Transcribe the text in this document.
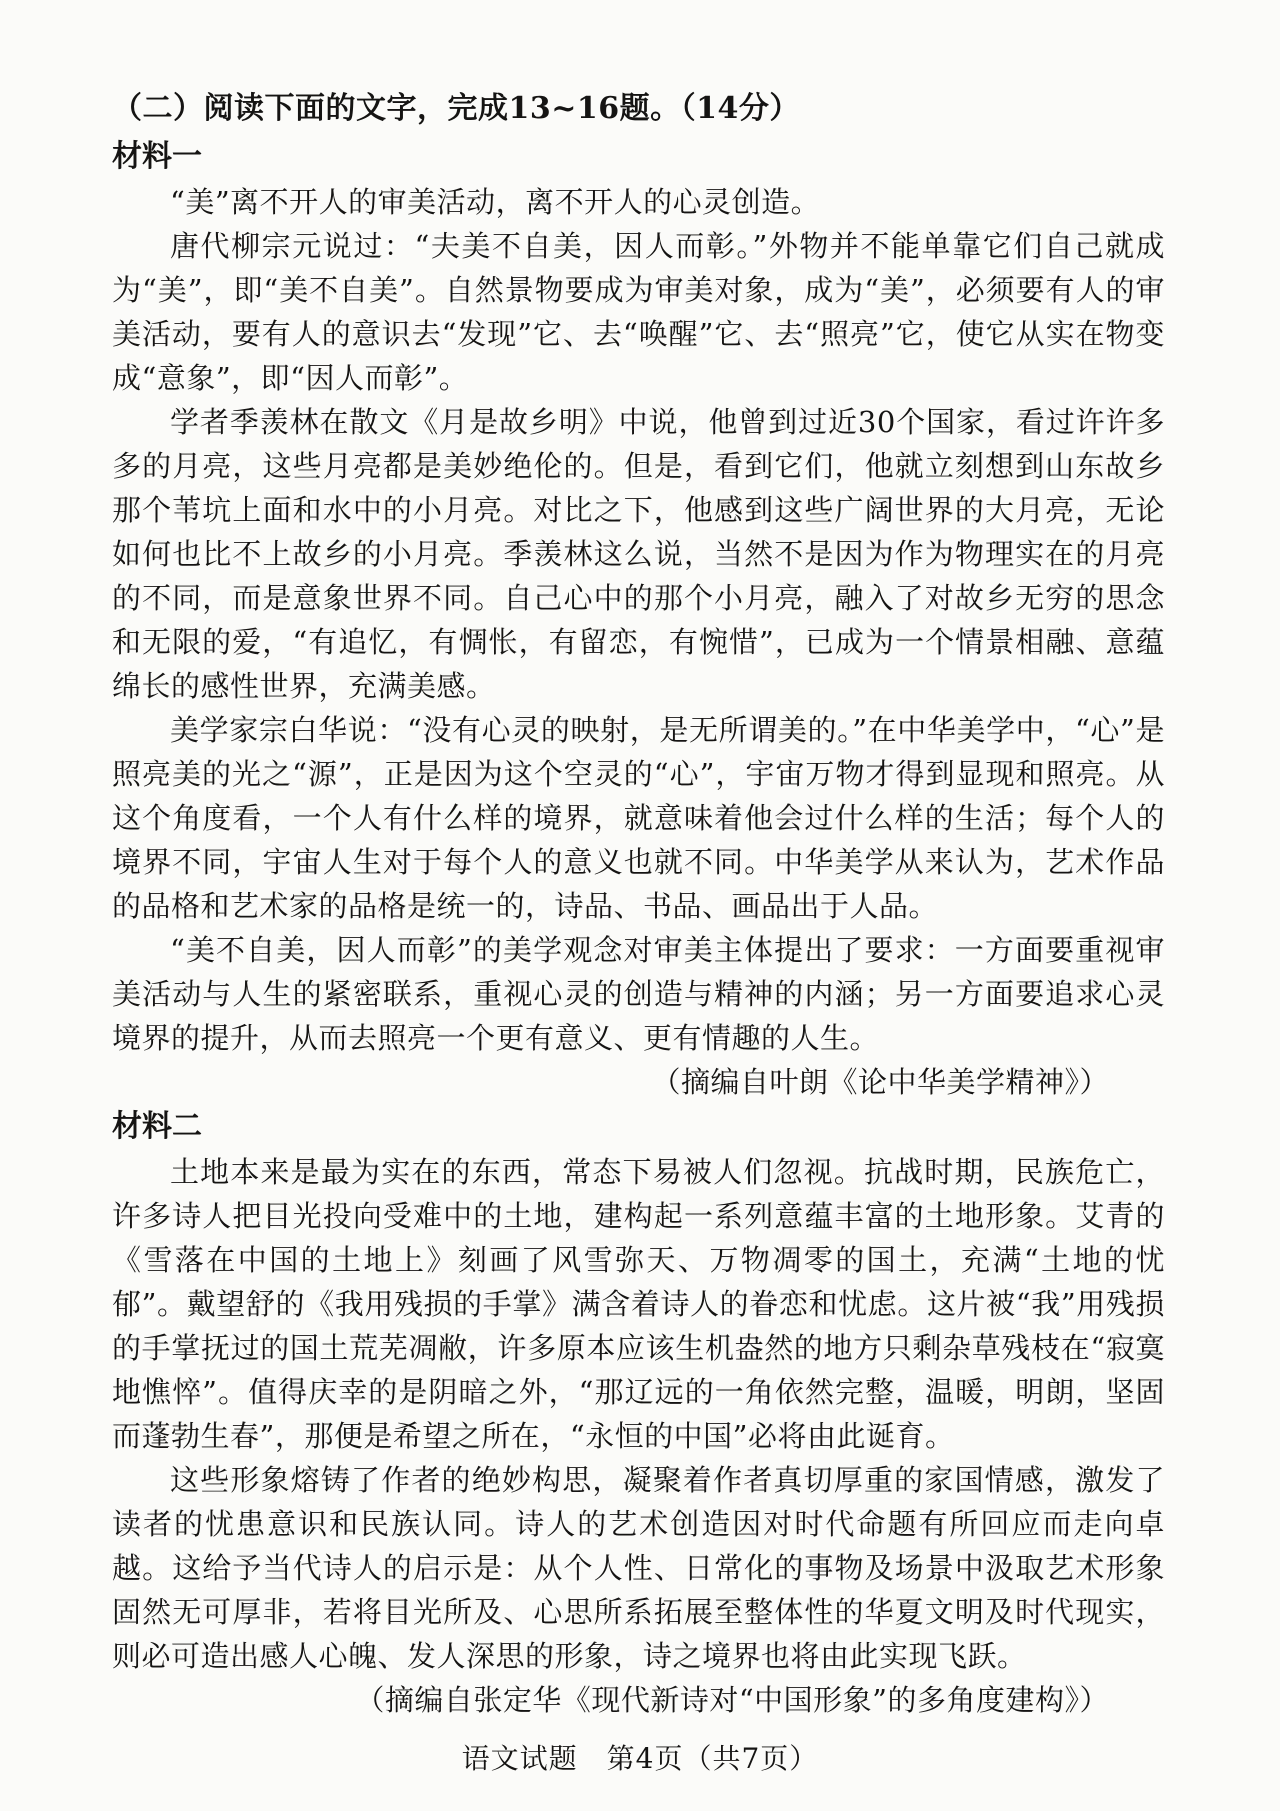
（二）阅读下面的文字，完成13~16题。（14分）
材料一

“美”离不开人的审美活动，离不开人的心灵创造。

唐代柳宗元说过：“夫美不自美，因人而彰。”外物并不能单靠它们自己就成为“美”，即“美不自美”。自然景物要成为审美对象，成为“美”，必须要有人的审美活动，要有人的意识去“发现”它、去“唤醒”它、去“照亮”它，使它从实在物变成“意象”，即“因人而彰”。

学者季羡林在散文《月是故乡明》中说，他曾到过近30个国家，看过许许多多的月亮，这些月亮都是美妙绝伦的。但是，看到它们，他就立刻想到山东故乡那个苇坑上面和水中的小月亮。对比之下，他感到这些广阔世界的大月亮，无论如何也比不上故乡的小月亮。季羡林这么说，当然不是因为作为物理实在的月亮的不同，而是意象世界不同。自己心中的那个小月亮，融入了对故乡无穷的思念和无限的爱，“有追忆，有惆怅，有留恋，有惋惜”，已成为一个情景相融、意蕴绵长的感性世界，充满美感。

美学家宗白华说：“没有心灵的映射，是无所谓美的。”在中华美学中，“心”是照亮美的光之“源”，正是因为这个空灵的“心”，宇宙万物才得到显现和照亮。从这个角度看，一个人有什么样的境界，就意味着他会过什么样的生活；每个人的境界不同，宇宙人生对于每个人的意义也就不同。中华美学从来认为，艺术作品的品格和艺术家的品格是统一的，诗品、书品、画品出于人品。

“美不自美，因人而彰”的美学观念对审美主体提出了要求：一方面要重视审美活动与人生的紧密联系，重视心灵的创造与精神的内涵；另一方面要追求心灵境界的提升，从而去照亮一个更有意义、更有情趣的人生。

（摘编自叶朗《论中华美学精神》）

材料二

土地本来是最为实在的东西，常态下易被人们忽视。抗战时期，民族危亡，许多诗人把目光投向受难中的土地，建构起一系列意蕴丰富的土地形象。艾青的《雪落在中国的土地上》刻画了风雪弥天、万物凋零的国土，充满“土地的忧郁”。戴望舒的《我用残损的手掌》满含着诗人的眷恋和忧虑。这片被“我”用残损的手掌抚过的国土荒芜凋敝，许多原本应该生机盎然的地方只剩杂草残枝在“寂寞地憔悴”。值得庆幸的是阴暗之外，“那辽远的一角依然完整，温暖，明朗，坚固而蓬勃生春”，那便是希望之所在，“永恒的中国”必将由此诞育。

这些形象熔铸了作者的绝妙构思，凝聚着作者真切厚重的家国情感，激发了读者的忧患意识和民族认同。诗人的艺术创造因对时代命题有所回应而走向卓越。这给予当代诗人的启示是：从个人性、日常化的事物及场景中汲取艺术形象固然无可厚非，若将目光所及、心思所系拓展至整体性的华夏文明及时代现实，则必可造出感人心魄、发人深思的形象，诗之境界也将由此实现飞跃。

（摘编自张定华《现代新诗对“中国形象”的多角度建构》）

语文试题　第4页（共7页）
